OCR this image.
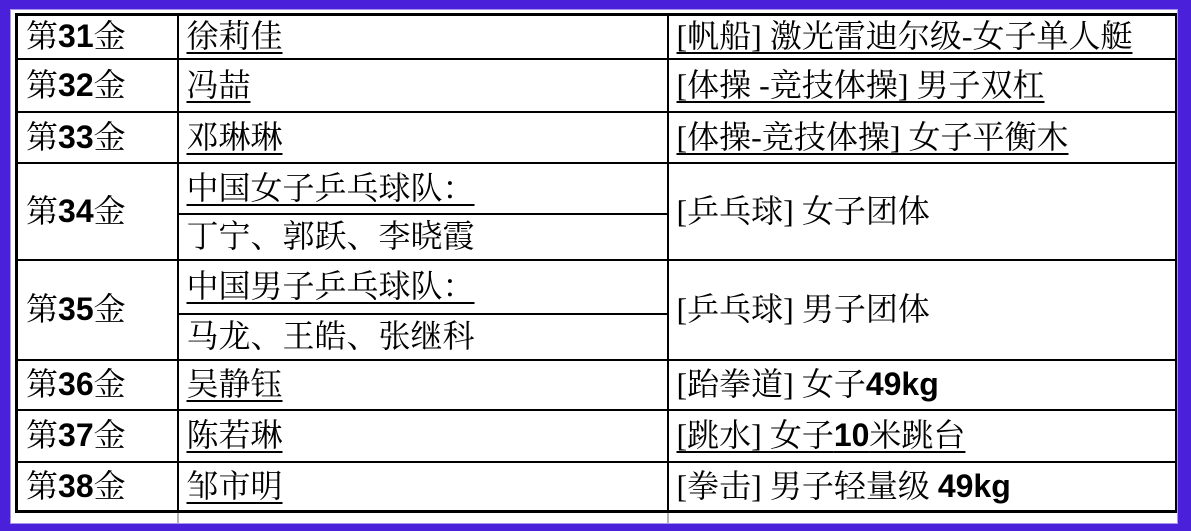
第31金	徐莉佳	[帆船] 激光雷迪尔级-女子单人艇
第32金	冯喆	[体操 -竞技体操] 男子双杠
第33金	邓琳琳	[体操-竞技体操] 女子平衡木
第34金	中国女子乒乓球队：	[乒乓球] 女子团体
	丁宁、郭跃、李晓霞	
第35金	中国男子乒乓球队：	[乒乓球] 男子团体
	马龙、王皓、张继科	
第36金	吴静钰	[跆拳道] 女子49kg
第37金	陈若琳	[跳水] 女子10米跳台
第38金	邹市明	[拳击] 男子轻量级 49kg
